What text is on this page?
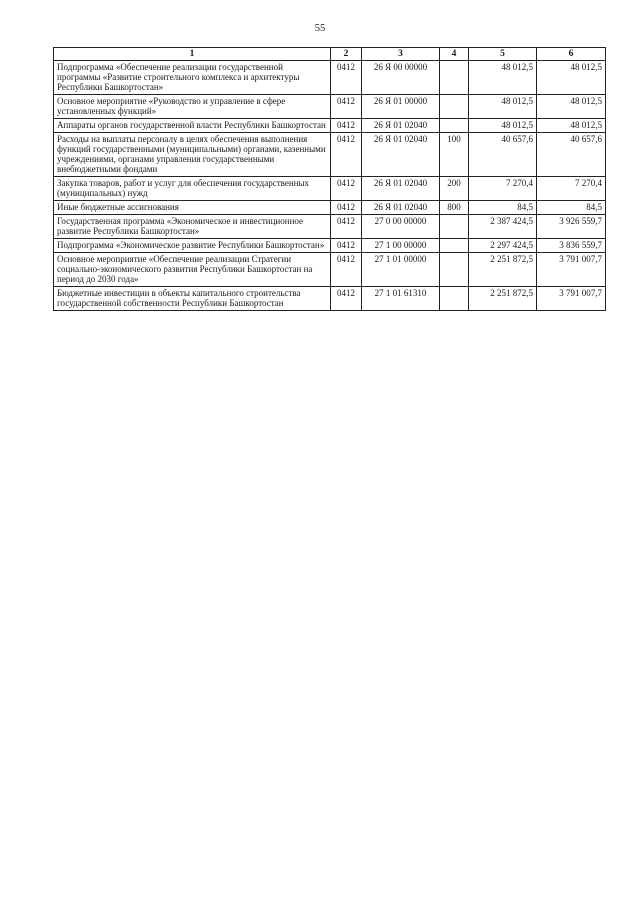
55
1	2	3	4	5	6
Подпрограмма «Обеспечение реализации государственной программы «Развитие строительного комплекса и архитектуры Республики Башкортостан»	0412	26 Я 00 00000		48 012,5	48 012,5
Основное мероприятие «Руководство и управление в сфере установленных функций»	0412	26 Я 01 00000		48 012,5	48 012,5
Аппараты органов государственной власти Республики Башкортостан	0412	26 Я 01 02040		48 012,5	48 012,5
Расходы на выплаты персоналу в целях обеспечения выполнения функций государственными (муниципальными) органами, казенными учреждениями, органами управления государственными внебюджетными фондами	0412	26 Я 01 02040	100	40 657,6	40 657,6
Закупка товаров, работ и услуг для обеспечения государственных (муниципальных) нужд	0412	26 Я 01 02040	200	7 270,4	7 270,4
Иные бюджетные ассигнования	0412	26 Я 01 02040	800	84,5	84,5
Государственная программа «Экономическое и инвестиционное развитие Республики Башкортостан»	0412	27 0 00 00000		2 387 424,5	3 926 559,7
Подпрограмма «Экономическое развитие Республики Башкортостан»	0412	27 1 00 00000		2 297 424,5	3 836 559,7
Основное мероприятие «Обеспечение реализации Стратегии социально-экономического развития Республики Башкортостан на период до 2030 года»	0412	27 1 01 00000		2 251 872,5	3 791 007,7
Бюджетные инвестиции в объекты капитального строительства государственной собственности Республики Башкортостан	0412	27 1 01 61310		2 251 872,5	3 791 007,7
